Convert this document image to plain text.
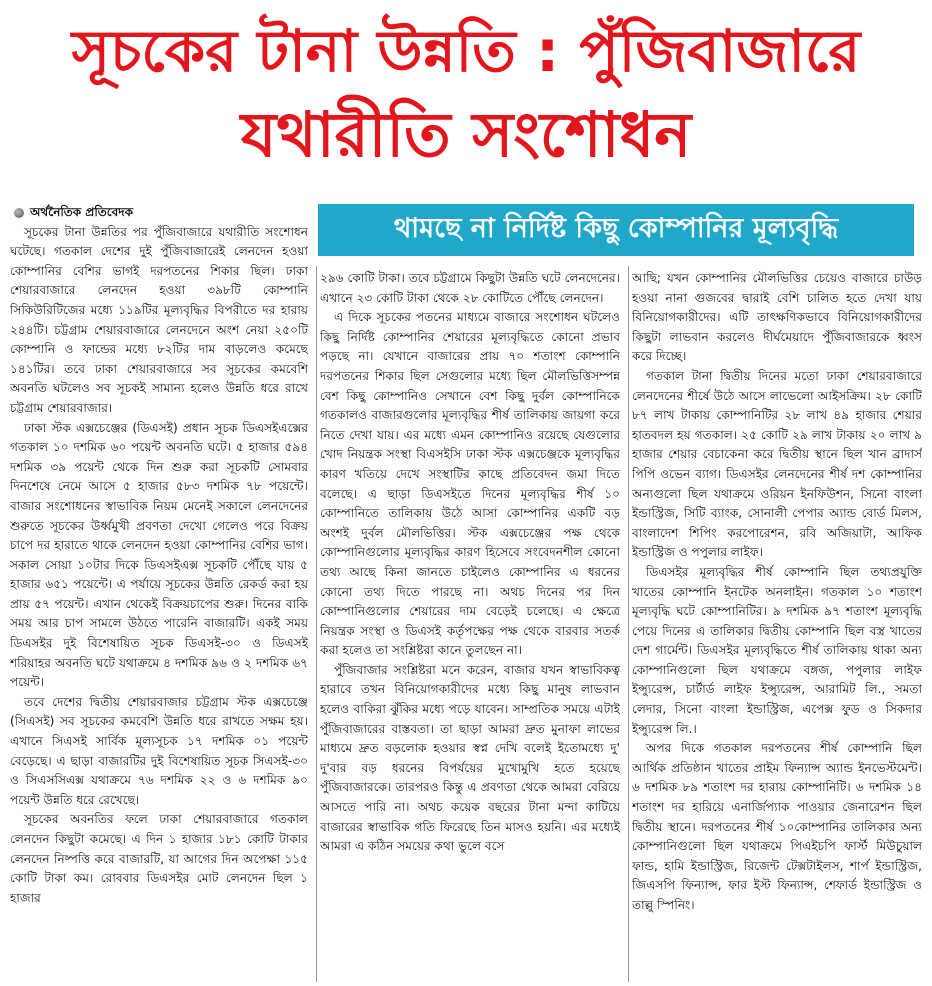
সূচকের টানা উন্নতি : পুঁজিবাজারে
যথারীতি সংশোধন
থামছে না নির্দিষ্ট কিছু কোম্পানির মূল্যবৃদ্ধি
অর্থনৈতিক প্রতিবেদক

সূচকের টানা উন্নতির পর পুঁজিবাজারে যথারীতি সংশোধন ঘটেছে। গতকাল দেশের দুই পুঁজিবাজারেই লেনদেন হওয়া কোম্পানির বেশির ভাগই দরপতনের শিকার ছিল। ঢাকা শেয়ারবাজারে লেনদেন হওয়া ৩৯৮টি কোম্পানি সিকিউরিটিজের মধ্যে ১১৯টির মূল্যবৃদ্ধির বিপরীতে দর হারায় ২৪৪টি। চট্টগ্রাম শেয়ারবাজারে লেনদেনে অংশ নেয়া ২৫০টি কোম্পানি ও ফান্ডের মধ্যে ৮২টির দাম বাড়লেও কমেছে ১৪১টির। তবে ঢাকা শেয়ারবাজারে সব সূচকের কমবেশি অবনতি ঘটলেও সব সূচকই সামান্য হলেও উন্নতি ধরে রাখে চট্টগ্রাম শেয়ারবাজার।

ঢাকা স্টক এক্সচেঞ্জের (ডিএসই) প্রধান সূচক ডিএসইএক্সের গতকাল ১০ দশমিক ৬০ পয়েন্ট অবনতি ঘটে। ৫ হাজার ৫৯৪ দশমিক ৩৯ পয়েন্ট থেকে দিন শুরু করা সূচকটি সোমবার দিনশেষে নেমে আসে ৫ হাজার ৫৮৩ দশমিক ৭৮ পয়েন্টে। বাজার সংশোধনের স্বাভাবিক নিয়ম মেনেই সকালে লেনদেনের শুরুতে সূচকের উর্ধ্বমুখী প্রবণতা দেখো গেলেও পরে বিক্রয় চাপে দর হারাতে থাকে লেনদেন হওয়া কোম্পানির বেশির ভাগ। সকাল সোয়া ১০টার দিকে ডিএসইএক্স সূচকটি পৌঁছে যায় ৫ হাজার ৬৫১ পয়েন্টে। এ পর্যায়ে সূচকের উন্নতি রেকর্ড করা হয় প্রায় ৫৭ পয়েন্ট। এখান থেকেই বিক্রয়চাপের শুরু। দিনের বাকি সময় আর চাপ সামলে উঠতে পারেনি বাজারটি। একই সময় ডিএসইর দুই বিশেষায়িত সূচক ডিএসই-৩০ ও ডিএসই শরিয়াহর অবনতি ঘটে যথাক্রমে ৪ দশমিক ৯৬ ও ২ দশমিক ৬৭ পয়েন্ট।

তবে দেশের দ্বিতীয় শেয়ারবাজার চট্টগ্রাম স্টক এক্সচেঞ্জে (সিএসই) সব সূচকের কমবেশি উন্নতি ধরে রাখতে সক্ষম হয়। এখানে সিএসই সার্বিক মূল্যসূচক ১৭ দশমিক ০১ পয়েন্ট বেড়েছে। এ ছাড়া বাজারটির দুই বিশেষায়িত সূচক সিএসই-৩০ ও সিএসসিএক্স যথাক্রমে ৭৬ দশমিক ২২ ও ৬ দশমিক ৯০ পয়েন্ট উন্নতি ধরে রেখেছে।

সূচকের অবনতির ফলে ঢাকা শেয়ারবাজারে গতকাল লেনদেন কিছুটা কমেছে। এ দিন ১ হাজার ১৮১ কোটি টাকার লেনদেন নিষ্পত্তি করে বাজারটি, যা আগের দিন অপেক্ষা ১১৫ কোটি টাকা কম। রোববার ডিএসইর মোট লেনদেন ছিল ১ হাজার

২৯৬ কোটি টাকা। তবে চট্টগ্রামে কিছুটা উন্নতি ঘটে লেনদেনের। এখানে ২৩ কোটি টাকা থেকে ২৮ কোটিতে পৌঁছে লেনদেন।

এ দিকে সূচকের পতনের মাধ্যমে বাজারে সংশোধন ঘটলেও কিছু নির্দিষ্ট কোম্পানির শেয়ারের মূল্যবৃদ্ধিতে কোনো প্রভাব পড়ছে না। যেখানে বাজারের প্রায় ৭০ শতাংশ কোম্পানি দরপতনের শিকার ছিল সেগুলোর মধ্যে ছিল মৌলভিত্তিসম্পন্ন বেশ কিছু কোম্পানিও সেখানে বেশ কিছু দুর্বল কোম্পানিকে গতকালও বাজারগুলোর মূল্যবৃদ্ধির শীর্ষ তালিকায় জায়গা করে নিতে দেখা যায়। এর মধ্যে এমন কোম্পানিও রয়েছে যেগুলোর খোদ নিয়ন্ত্রক সংস্থা বিএসইসি ঢাকা স্টক এক্সচেঞ্জকে মূল্যবৃদ্ধির কারণ খতিয়ে দেখে সংস্থাটির কাছে প্রতিবেদন জমা দিতে বলেছে। এ ছাড়া ডিএসইতে দিনের মূল্যবৃদ্ধির শীর্ষ ১০ কোম্পানিতে তালিকায় উঠে আসা কোম্পানির একটি বড় অংশই দুর্বল মৌলভিত্তির। স্টক এক্সচেঞ্জের পক্ষ থেকে কোম্পানিগুলোর মূল্যবৃদ্ধির কারণ হিসেবে সংবেদনশীল কোনো তথ্য আছে কিনা জানতে চাইলেও কোম্পানির এ ধরনের কোনো তথ্য দিতে পারছে না। অথচ দিনের পর দিন কোম্পানিগুলোর শেয়ারের দাম বেড়েই চলেছে। এ ক্ষেত্রে নিয়ন্ত্রক সংস্থা ও ডিএসই কর্তৃপক্ষের পক্ষ থেকে বারবার সতর্ক করা হলেও তা সংশ্লিষ্টরা কানে তুলছেন না।

পুঁজিবাজার সংশ্লিষ্টরা মনে করেন, বাজার যখন স্বাভাবিকত্ব হারাবে তখন বিনিয়োগকারীদের মধ্যে কিছু মানুষ লাভবান হলেও বাকিরা ঝুঁকির মধ্যে পড়ে যাবেন। সাম্প্রতিক সময়ে এটাই পুঁজিবাজারের বাস্তবতা। তা ছাড়া আমরা দ্রুত মুনাফা লাভের মাধ্যমে দ্রুত বড়লোক হওয়ার স্বপ্ন দেখি বলেই ইতোমধ্যে দু' দু'বার বড় ধরনের বিপর্যয়ের মুখোমুখি হতে হয়েছে পুঁজিবাজারকে। তারপরও কিন্তু এ প্রবণতা থেকে আমরা বেরিয়ে আসতে পারি না। অথচ কয়েক বছরের টানা মন্দা কাটিয়ে বাজারের স্বাভাবিক গতি ফিরেছে তিন মাসও হয়নি। এর মধ্যেই আমরা এ কঠিন সময়ের কথা ভুলে বসে

আছি; যখন কোম্পানির মৌলভিত্তির চেয়েও বাজারে চাউড় হওয়া নানা গুজবের দ্বারাই বেশি চালিত হতে দেখা যায় বিনিয়োগকারীদের। এটি তাৎক্ষণিকভাবে বিনিয়োগকারীদের কিছুটা লাভবান করলেও দীর্ঘমেয়াদে পুঁজিবাজারকে ধ্বংস করে দিচ্ছে।

গতকাল টানা দ্বিতীয় দিনের মতো ঢাকা শেয়ারবাজারে লেনদেনের শীর্ষে উঠে আসে লাভেলো আইসক্রিম। ২৮ কোটি ৮৭ লাখ টাকায় কোম্পানিটির ২৮ লাখ ৪৯ হাজার শেয়ার হাতবদল হয় গতকাল। ২৫ কোটি ২৯ লাখ টাকায় ২০ লাখ ৯ হাজার শেয়ার বেচাকেনা করে দ্বিতীয় স্থানে ছিল খান ব্রাদার্স পিপি ওভেন ব্যাগ। ডিএসইর লেনদেনের শীর্ষ দশ কোম্পানির অন্যগুলো ছিল যথাক্রমে ওরিয়ন ইনফিউশন, সিনো বাংলা ইন্ডাস্ট্রিজ, সিটি ব্যাংক, সোনালী পেপার অ্যান্ড বোর্ড মিলস, বাংলাদেশ শিপিং করপোরেশন, রবি অজিয়াটা, আফিক ইন্ডাস্ট্রিজ ও পপুলার লাইফ।

ডিএসইর মূল্যবৃদ্ধির শীর্ষ কোম্পানি ছিল তথ্যপ্রযুক্তি খাতের কোম্পানি ইনটেক অনলাইন। গতকাল ১০ শতাংশ মূল্যবৃদ্ধি ঘটে কোম্পানিটির। ৯ দশমিক ৯৭ শতাংশ মূল্যবৃদ্ধি পেয়ে দিনের এ তালিকার দ্বিতীয় কোম্পানি ছিল বস্ত্র খাতের দেশ গার্মেন্ট। ডিএসইর মূল্যবৃদ্ধিতে শীর্ষ তালিকায় থাকা অন্য কোম্পানিগুলো ছিল যথাক্রমে বঙ্গজ, পপুলার লাইফ ইন্স্যুরেন্স, চার্টার্ড লাইফ ইন্স্যুরেন্স, আরামিট লি., সমতা লেদার, সিনো বাংলা ইন্ডাস্ট্রিজ, এপেক্স ফুড ও সিকদার ইন্স্যুরেন্স লি.।

অপর দিকে গতকাল দরপতনের শীর্ষ কোম্পানি ছিল আর্থিক প্রতিষ্ঠান খাতের প্রাইম ফিন্যান্স অ্যান্ড ইনভেস্টমেন্ট। ৬ দশমিক ৮৯ শতাংশ দর হারায় কোম্পানিটি। ৬ দশমিক ১৪ শতাংশ দর হারিয়ে এনার্জিপ্যাক পাওয়ার জেনারেশন ছিল দ্বিতীয় স্থানে। দরপতনের শীর্ষ ১০কোম্পানির তালিকার অন্য কোম্পানিগুলো ছিল যথাক্রমে পিএইচপি ফার্স্ট মিউচুয়াল ফান্ড, হামি ইন্ডাস্ট্রিজ, রিজেন্ট টেক্সটাইলস, শার্প ইন্ডাস্ট্রিজ, জিএসপি ফিন্যান্স, ফার ইস্ট ফিন্যান্স, শেফার্ড ইন্ডাস্ট্রিজ ও তাল্লু স্পিনিং।
